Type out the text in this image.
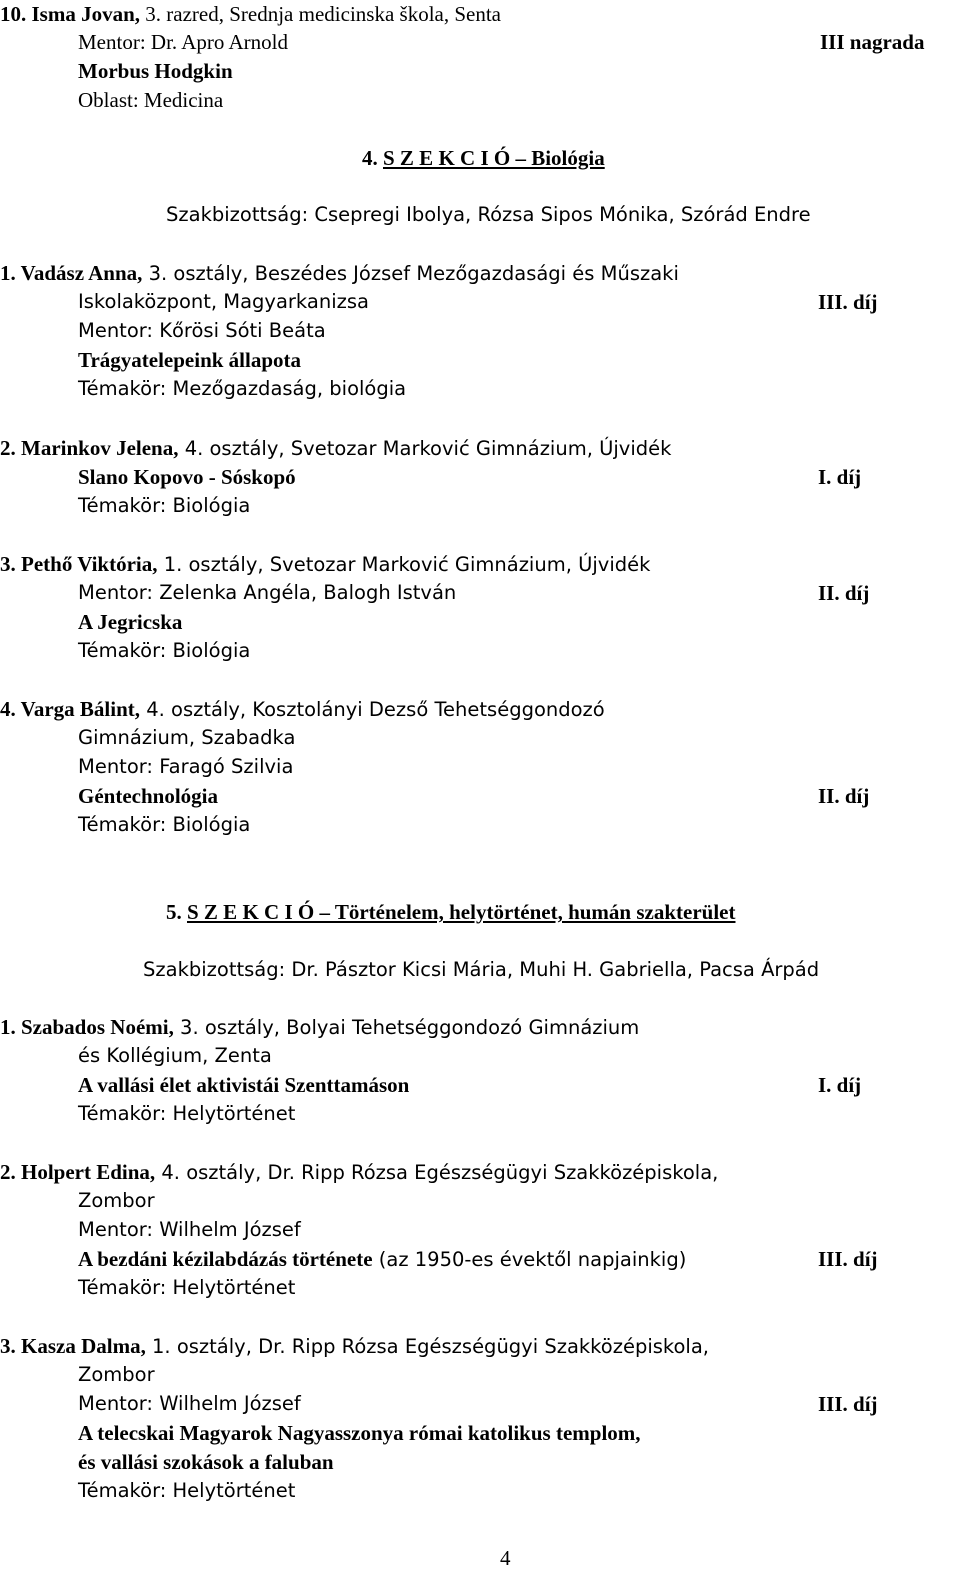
10. Isma Jovan, 3. razred, Srednja medicinska škola, Senta
Mentor: Dr. Apro Arnold	III nagrada
Morbus Hodgkin
Oblast: Medicina
4. S Z E K C I Ó – Biológia
Szakbizottság: Csepregi Ibolya, Rózsa Sipos Mónika, Szórád Endre
1. Vadász Anna, 3. osztály, Beszédes József Mezőgazdasági és Műszaki
Iskolaközpont, Magyarkanizsa	III. díj
Mentor: Kőrösi Sóti Beáta
Trágyatelepeink állapota
Témakör: Mezőgazdaság, biológia
2. Marinkov Jelena, 4. osztály, Svetozar Marković Gimnázium, Újvidék
Slano Kopovo - Sóskopó	I. díj
Témakör: Biológia
3. Pethő Viktória, 1. osztály, Svetozar Marković Gimnázium, Újvidék
Mentor: Zelenka Angéla, Balogh István	II. díj
A Jegricska
Témakör: Biológia
4. Varga Bálint, 4. osztály, Kosztolányi Dezső Tehetséggondozó
Gimnázium, Szabadka
Mentor: Faragó Szilvia
Géntechnológia	II. díj
Témakör: Biológia
5. S Z E K C I Ó – Történelem, helytörténet, humán szakterület
Szakbizottság: Dr. Pásztor Kicsi Mária, Muhi H. Gabriella, Pacsa Árpád
1. Szabados Noémi, 3. osztály, Bolyai Tehetséggondozó Gimnázium
és Kollégium, Zenta
A vallási élet aktivistái Szenttamáson	I. díj
Témakör: Helytörténet
2. Holpert Edina, 4. osztály, Dr. Ripp Rózsa Egészségügyi Szakközépiskola,
Zombor
Mentor: Wilhelm József
A bezdáni kézilabdázás története (az 1950-es évektől napjainkig)	III. díj
Témakör: Helytörténet
3. Kasza Dalma, 1. osztály, Dr. Ripp Rózsa Egészségügyi Szakközépiskola,
Zombor
Mentor: Wilhelm József	III. díj
A telecskai Magyarok Nagyasszonya római katolikus templom,
és vallási szokások a faluban
Témakör: Helytörténet
4
